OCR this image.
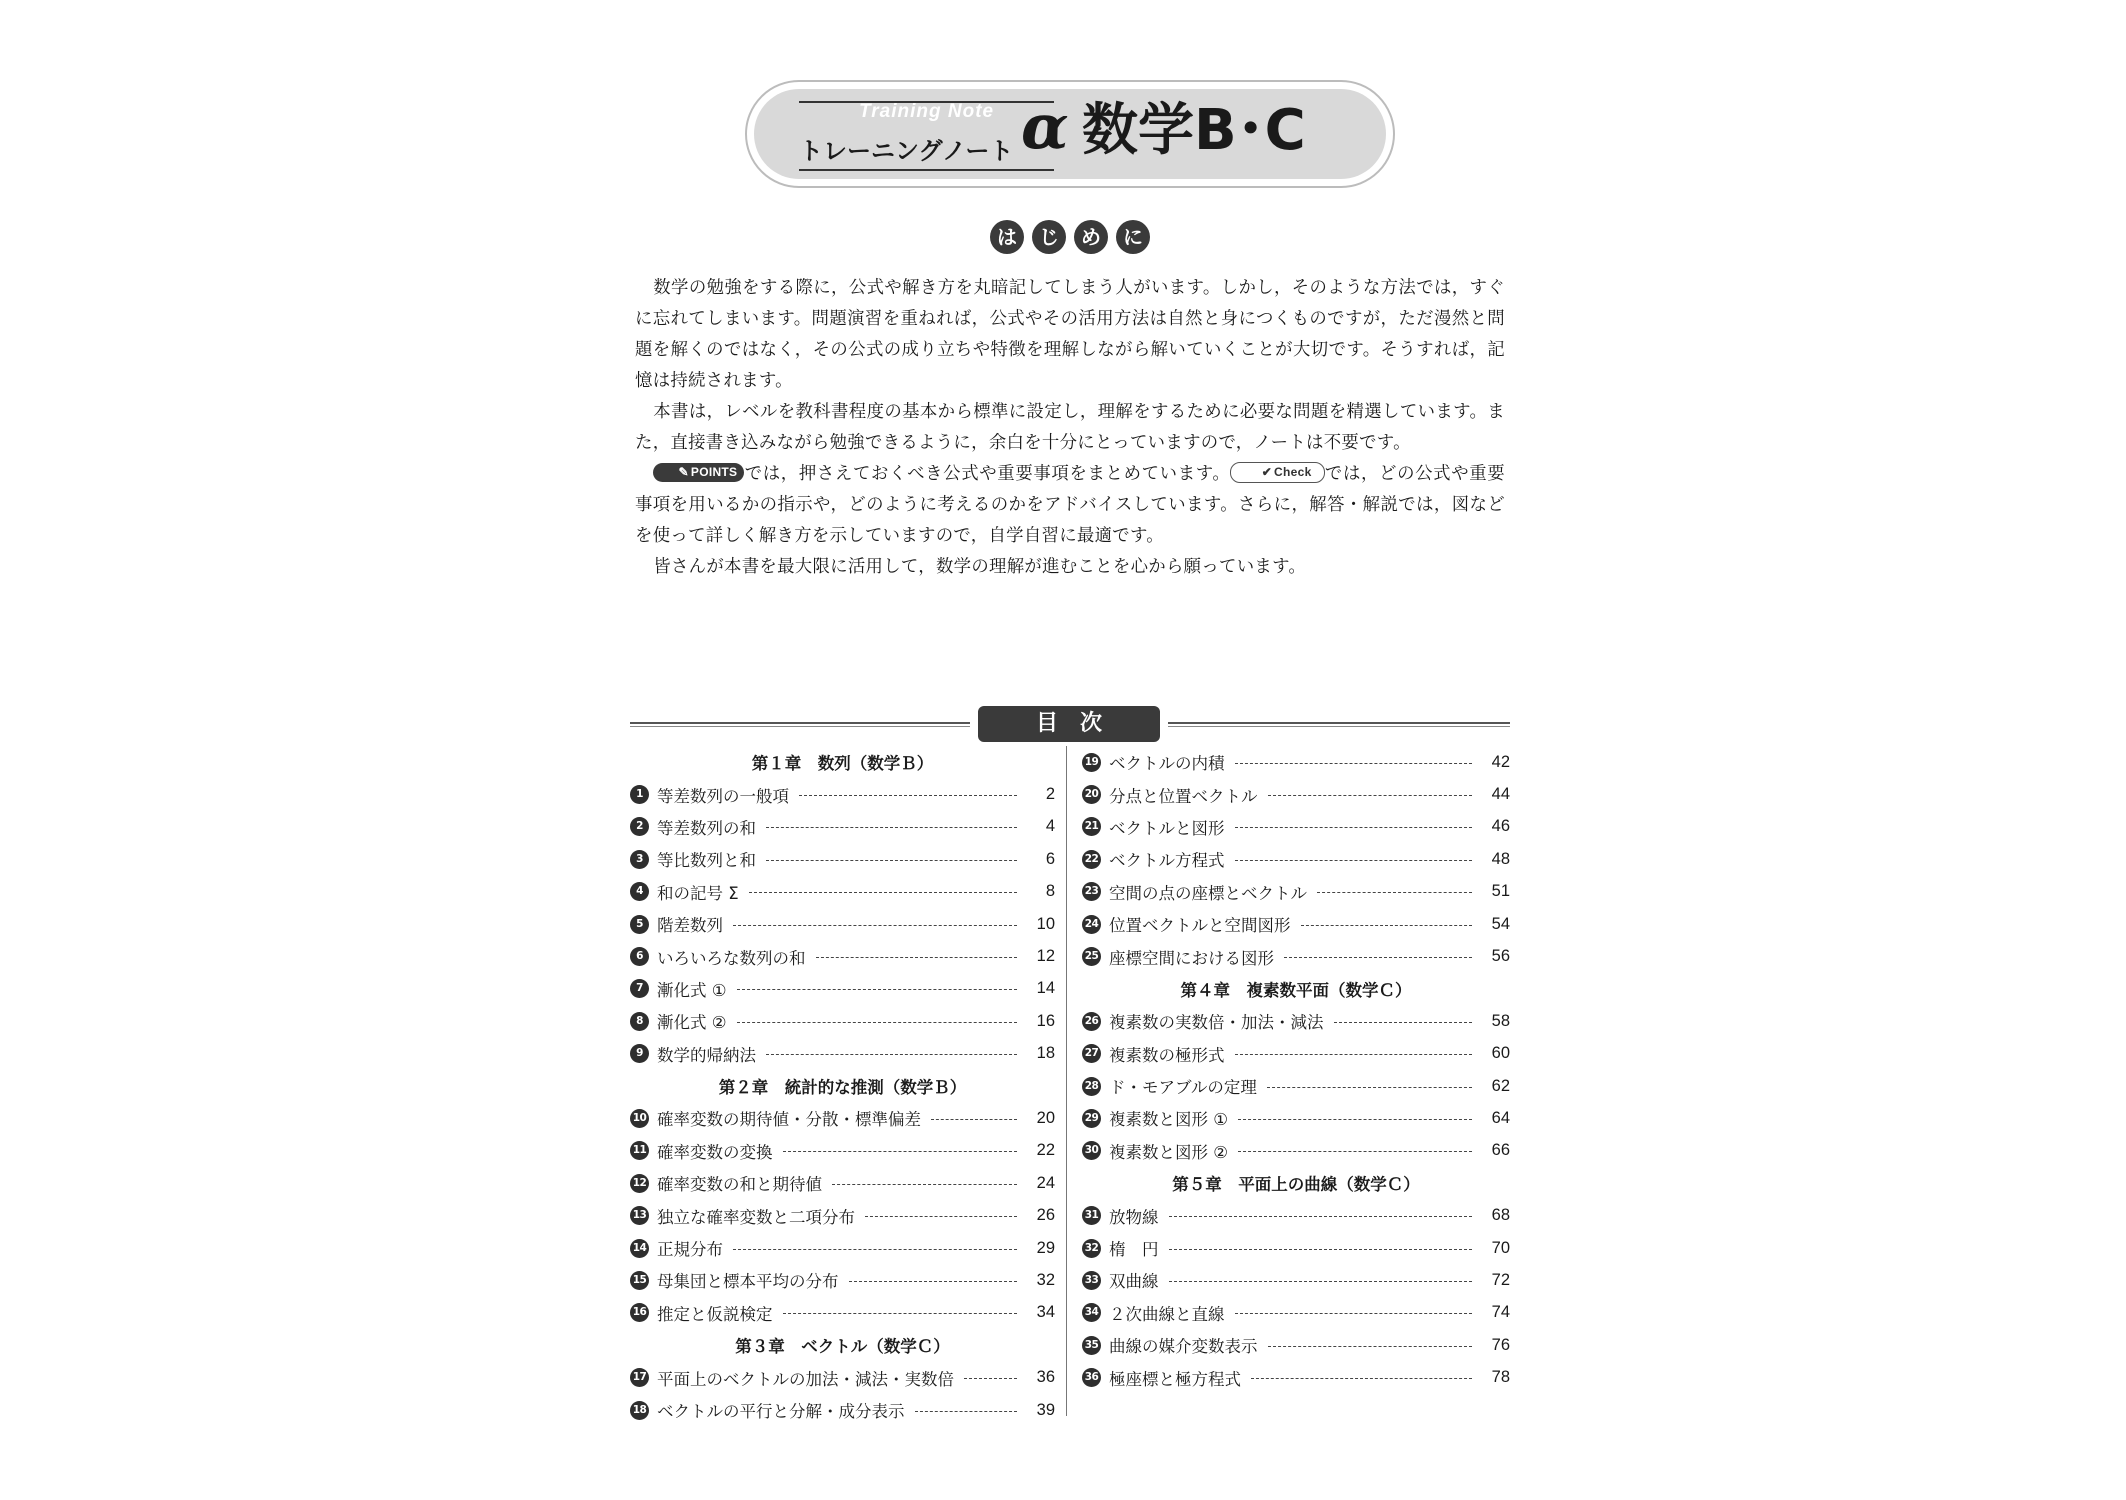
Training Note
トレーニングノート α 数学B･C
は じ め に

数学の勉強をする際に，公式や解き方を丸暗記してしまう人がいます。しかし，そのような方法では，すぐに忘れてしまいます。問題演習を重ねれば，公式やその活用方法は自然と身につくものですが，ただ漫然と問題を解くのではなく，その公式の成り立ちや特徴を理解しながら解いていくことが大切です。そうすれば，記憶は持続されます。

本書は，レベルを教科書程度の基本から標準に設定し，理解をするために必要な問題を精選しています。また，直接書き込みながら勉強できるように，余白を十分にとっていますので，ノートは不要です。

✎ POINTS では，押さえておくべき公式や重要事項をまとめています。	✔ Check では，どの公式や重要事項を用いるかの指示や，どのように考えるのかをアドバイスしています。さらに，解答・解説では，図などを使って詳しく解き方を示していますので，自学自習に最適です。

皆さんが本書を最大限に活用して，数学の理解が進むことを心から願っています。

目次
第１章　数列（数学Ｂ）
1 等差数列の一般項	2
2 等差数列の和	4
3 等比数列と和	6
4 和の記号 Σ	8
5 階差数列	10
6 いろいろな数列の和	12
7 漸化式 ①	14
8 漸化式 ②	16
9 数学的帰納法	18
第２章　統計的な推測（数学Ｂ）
10 確率変数の期待値・分散・標準偏差	20
11 確率変数の変換	22
12 確率変数の和と期待値	24
13 独立な確率変数と二項分布	26
14 正規分布	29
15 母集団と標本平均の分布	32
16 推定と仮説検定	34
第３章　ベクトル（数学Ｃ）
17 平面上のベクトルの加法・減法・実数倍	36
18 ベクトルの平行と分解・成分表示	39
19 ベクトルの内積	42
20 分点と位置ベクトル	44
21 ベクトルと図形	46
22 ベクトル方程式	48
23 空間の点の座標とベクトル	51
24 位置ベクトルと空間図形	54
25 座標空間における図形	56
第４章　複素数平面（数学Ｃ）
26 複素数の実数倍・加法・減法	58
27 複素数の極形式	60
28 ド・モアブルの定理	62
29 複素数と図形 ①	64
30 複素数と図形 ②	66
第５章　平面上の曲線（数学Ｃ）
31 放物線	68
32 楕　円	70
33 双曲線	72
34 ２次曲線と直線	74
35 曲線の媒介変数表示	76
36 極座標と極方程式	78
